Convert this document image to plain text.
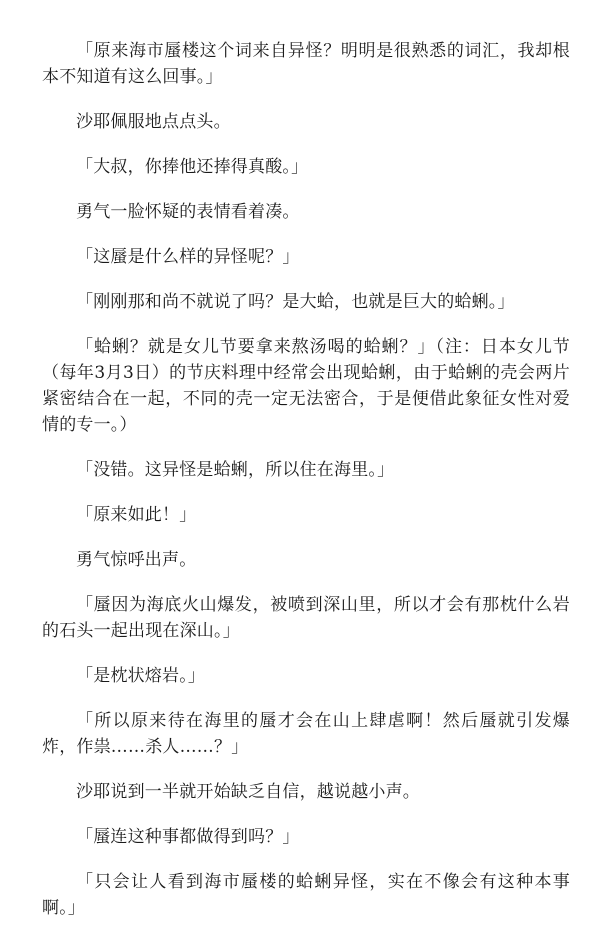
「原来海市蜃楼这个词来自异怪？明明是很熟悉的词汇，我却根本不知道有这么回事。」

沙耶佩服地点点头。

「大叔，你捧他还捧得真酸。」

勇气一脸怀疑的表情看着凑。

「这蜃是什么样的异怪呢？」

「刚刚那和尚不就说了吗？是大蛤，也就是巨大的蛤蜊。」

「蛤蜊？就是女儿节要拿来熬汤喝的蛤蜊？」（注：日本女儿节（每年3月3日）的节庆料理中经常会出现蛤蜊，由于蛤蜊的壳会两片紧密结合在一起，不同的壳一定无法密合，于是便借此象征女性对爱情的专一。）

「没错。这异怪是蛤蜊，所以住在海里。」

「原来如此！」

勇气惊呼出声。

「蜃因为海底火山爆发，被喷到深山里，所以才会有那枕什么岩的石头一起出现在深山。」

「是枕状熔岩。」

「所以原来待在海里的蜃才会在山上肆虐啊！然后蜃就引发爆炸，作祟……杀人……？」

沙耶说到一半就开始缺乏自信，越说越小声。

「蜃连这种事都做得到吗？」

「只会让人看到海市蜃楼的蛤蜊异怪，实在不像会有这种本事啊。」
